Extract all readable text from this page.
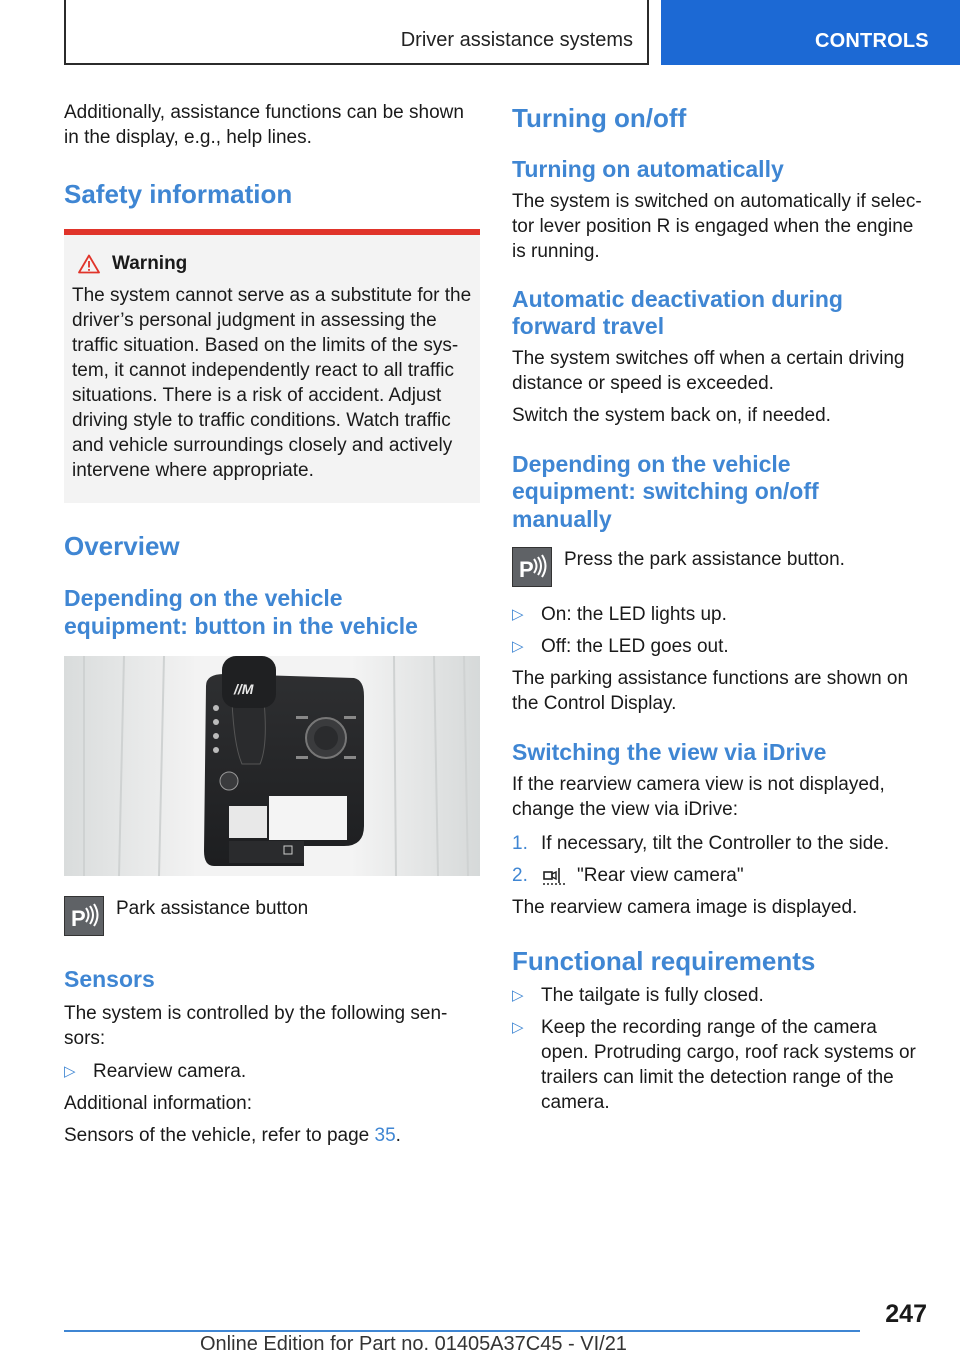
Driver assistance systems	CONTROLS

Additionally, assistance functions can be shown in the display, e.g., help lines.

Safety information
Warning

The system cannot serve as a substitute for the driver’s personal judgment in assessing the traffic situation. Based on the limits of the sys-tem, it cannot independently react to all traffic situations. There is a risk of accident. Adjust driving style to traffic conditions. Watch traffic and vehicle surroundings closely and actively intervene where appropriate.

Overview
Depending on the vehicle equipment: button in the vehicle
//M
P Park assistance button

Sensors

The system is controlled by the following sen-sors:

▷ Rearview camera.

Additional information:

Sensors of the vehicle, refer to page 35.

Turning on/off
Turning on automatically

The system is switched on automatically if selec-tor lever position R is engaged when the engine is running.

Automatic deactivation during forward travel

The system switches off when a certain driving distance or speed is exceeded.

Switch the system back on, if needed.

Depending on the vehicle equipment: switching on/off manually
P Press the park assistance button.

▷ On: the LED lights up.
▷ Off: the LED goes out.

The parking assistance functions are shown on the Control Display.

Switching the view via iDrive

If the rearview camera view is not displayed, change the view via iDrive:

1. If necessary, tilt the Controller to the side.
2.	"Rear view camera"

The rearview camera image is displayed.

Functional requirements
▷ The tailgate is fully closed.
▷ Keep the recording range of the camera open. Protruding cargo, roof rack systems or trailers can limit the detection range of the camera.
247
Online Edition for Part no. 01405A37C45 - VI/21
